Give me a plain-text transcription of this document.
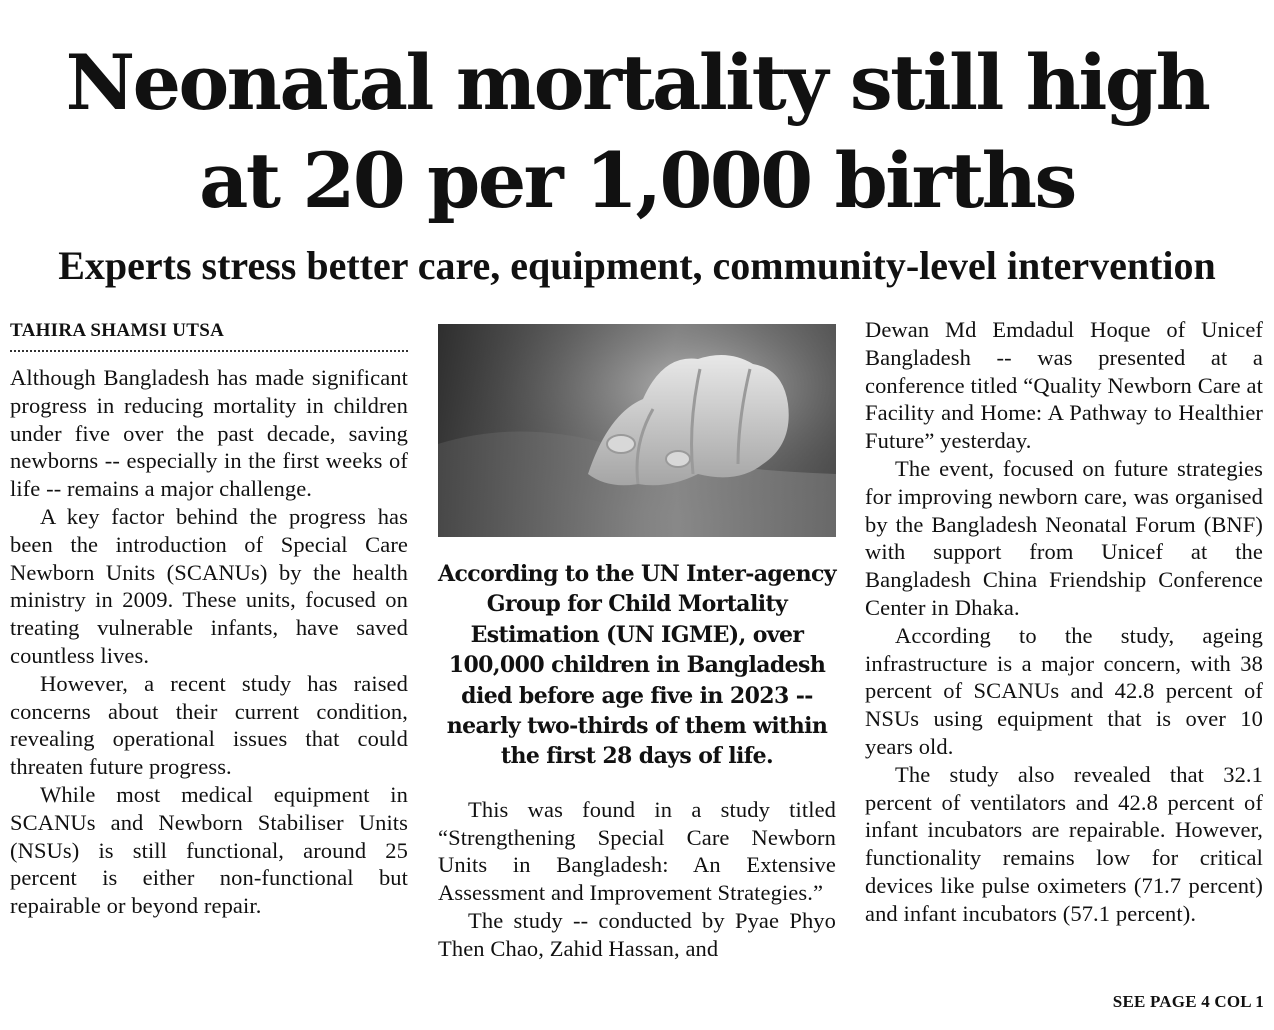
Neonatal mortality still high
at 20 per 1,000 births
Experts stress better care, equipment, community-level intervention
TAHIRA SHAMSI UTSA

Although Bangladesh has made significant progress in reducing mortality in children under five over the past decade, saving newborns -- especially in the first weeks of life -- remains a major challenge.

A key factor behind the progress has been the introduction of Special Care Newborn Units (SCANUs) by the health ministry in 2009. These units, focused on treating vulnerable infants, have saved countless lives.

However, a recent study has raised concerns about their current condition, revealing operational issues that could threaten future progress.

While most medical equipment in SCANUs and Newborn Stabiliser Units (NSUs) is still functional, around 25 percent is either non-functional but repairable or beyond repair.

According to the UN Inter-agency Group for Child Mortality Estimation (UN IGME), over 100,000 children in Bangladesh died before age five in 2023 -- nearly two-thirds of them within the first 28 days of life.

This was found in a study titled “Strengthening Special Care Newborn Units in Bangladesh: An Extensive Assessment and Improvement Strategies.”

The study -- conducted by Pyae Phyo Then Chao, Zahid Hassan, and

Dewan Md Emdadul Hoque of Unicef Bangladesh -- was presented at a conference titled “Quality Newborn Care at Facility and Home: A Pathway to Healthier Future” yesterday.

The event, focused on future strategies for improving newborn care, was organised by the Bangladesh Neonatal Forum (BNF) with support from Unicef at the Bangladesh China Friendship Conference Center in Dhaka.

According to the study, ageing infrastructure is a major concern, with 38 percent of SCANUs and 42.8 percent of NSUs using equipment that is over 10 years old.

The study also revealed that 32.1 percent of ventilators and 42.8 percent of infant incubators are repairable. However, functionality remains low for critical devices like pulse oximeters (71.7 percent) and infant incubators (57.1 percent).

SEE PAGE 4 COL 1
